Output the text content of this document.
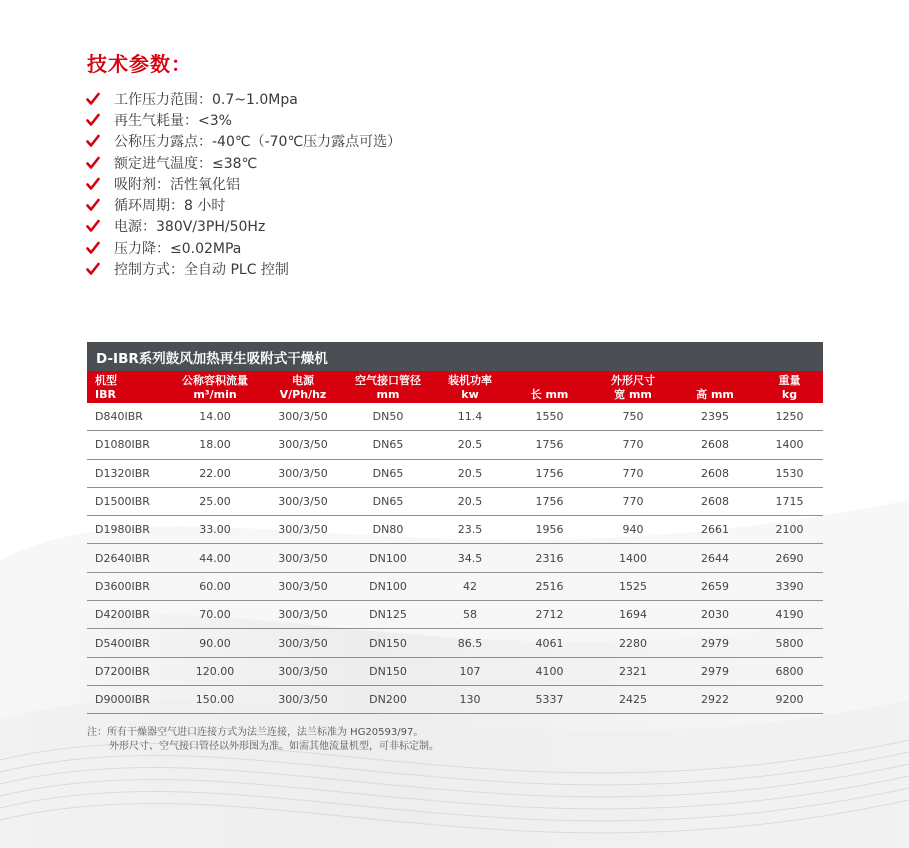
技术参数：
工作压力范围：0.7~1.0Mpa
再生气耗量：<3%
公称压力露点：-40℃（-70℃压力露点可选）
额定进气温度：≤38℃
吸附剂：活性氧化铝
循环周期：8 小时
电源：380V/3PH/50Hz
压力降：≤0.02MPa
控制方式：全自动 PLC 控制
D-IBR系列鼓风加热再生吸附式干燥机
机型	公称容积流量	电源	空气接口管径	装机功率		外形尺寸		重量
IBR	m³/min	V/Ph/hz	mm	kw	长 mm	宽 mm	高 mm	kg
D840IBR	14.00	300/3/50	DN50	11.4	1550	750	2395	1250
D1080IBR	18.00	300/3/50	DN65	20.5	1756	770	2608	1400
D1320IBR	22.00	300/3/50	DN65	20.5	1756	770	2608	1530
D1500IBR	25.00	300/3/50	DN65	20.5	1756	770	2608	1715
D1980IBR	33.00	300/3/50	DN80	23.5	1956	940	2661	2100
D2640IBR	44.00	300/3/50	DN100	34.5	2316	1400	2644	2690
D3600IBR	60.00	300/3/50	DN100	42	2516	1525	2659	3390
D4200IBR	70.00	300/3/50	DN125	58	2712	1694	2030	4190
D5400IBR	90.00	300/3/50	DN150	86.5	4061	2280	2979	5800
D7200IBR	120.00	300/3/50	DN150	107	4100	2321	2979	6800
D9000IBR	150.00	300/3/50	DN200	130	5337	2425	2922	9200
注：所有干燥器空气进口连接方式为法兰连接，法兰标准为 HG20593/97。
外形尺寸、空气接口管径以外形图为准。如需其他流量机型，可非标定制。
